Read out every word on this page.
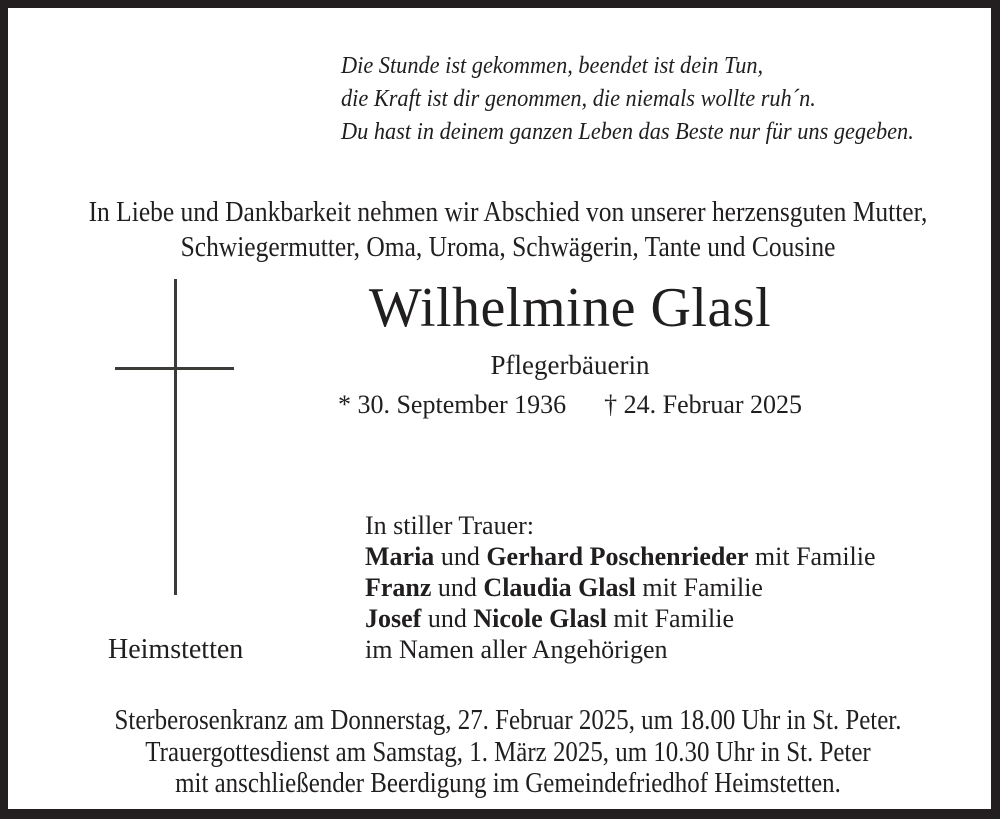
Die Stunde ist gekommen, beendet ist dein Tun,
die Kraft ist dir genommen, die niemals wollte ruh´n.
Du hast in deinem ganzen Leben das Beste nur für uns gegeben.
In Liebe und Dankbarkeit nehmen wir Abschied von unserer herzensguten Mutter,
Schwiegermutter, Oma, Uroma, Schwägerin, Tante und Cousine
Wilhelmine Glasl
Pflegerbäuerin
* 30. September 1936 † 24. Februar 2025
In stiller Trauer:
Maria und Gerhard Poschenrieder mit Familie
Franz und Claudia Glasl mit Familie
Josef und Nicole Glasl mit Familie
im Namen aller Angehörigen
Heimstetten
Sterberosenkranz am Donnerstag, 27. Februar 2025, um 18.00 Uhr in St. Peter.
Trauergottesdienst am Samstag, 1. März 2025, um 10.30 Uhr in St. Peter
mit anschließender Beerdigung im Gemeindefriedhof Heimstetten.
